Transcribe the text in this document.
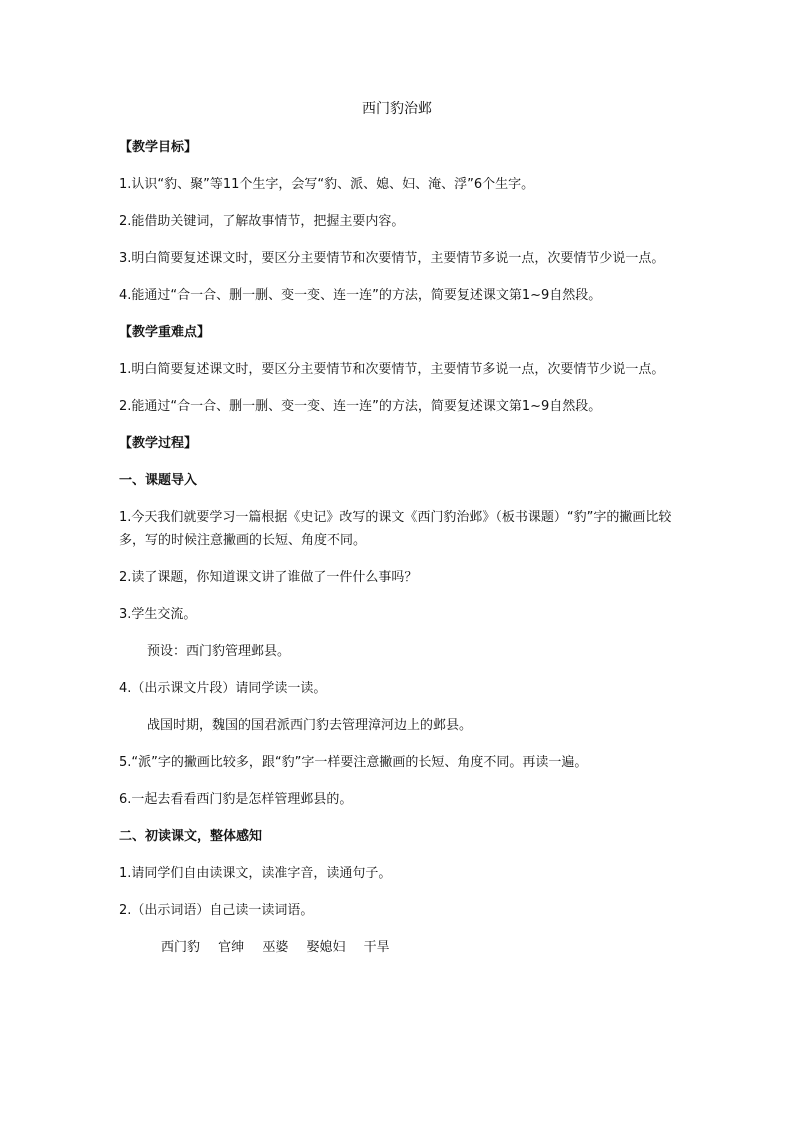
西门豹治邺

【教学目标】

1.认识“豹、聚”等11个生字，会写“豹、派、媳、妇、淹、浮”6个生字。

2.能借助关键词，了解故事情节，把握主要内容。

3.明白简要复述课文时，要区分主要情节和次要情节，主要情节多说一点，次要情节少说一点。

4.能通过“合一合、删一删、变一变、连一连”的方法，简要复述课文第1~9自然段。

【教学重难点】

1.明白简要复述课文时，要区分主要情节和次要情节，主要情节多说一点，次要情节少说一点。

2.能通过“合一合、删一删、变一变、连一连”的方法，简要复述课文第1~9自然段。

【教学过程】

一、课题导入

1.今天我们就要学习一篇根据《史记》改写的课文《西门豹治邺》（板书课题）“豹”字的撇画比较多，写的时候注意撇画的长短、角度不同。

2.读了课题，你知道课文讲了谁做了一件什么事吗？

3.学生交流。

预设：西门豹管理邺县。

4.（出示课文片段）请同学读一读。

战国时期，魏国的国君派西门豹去管理漳河边上的邺县。

5.“派”字的撇画比较多，跟“豹”字一样要注意撇画的长短、角度不同。再读一遍。

6.一起去看看西门豹是怎样管理邺县的。

二、初读课文，整体感知

1.请同学们自由读课文，读准字音，读通句子。

2.（出示词语）自己读一读词语。

西门豹 官绅 巫婆 娶媳妇 干旱
